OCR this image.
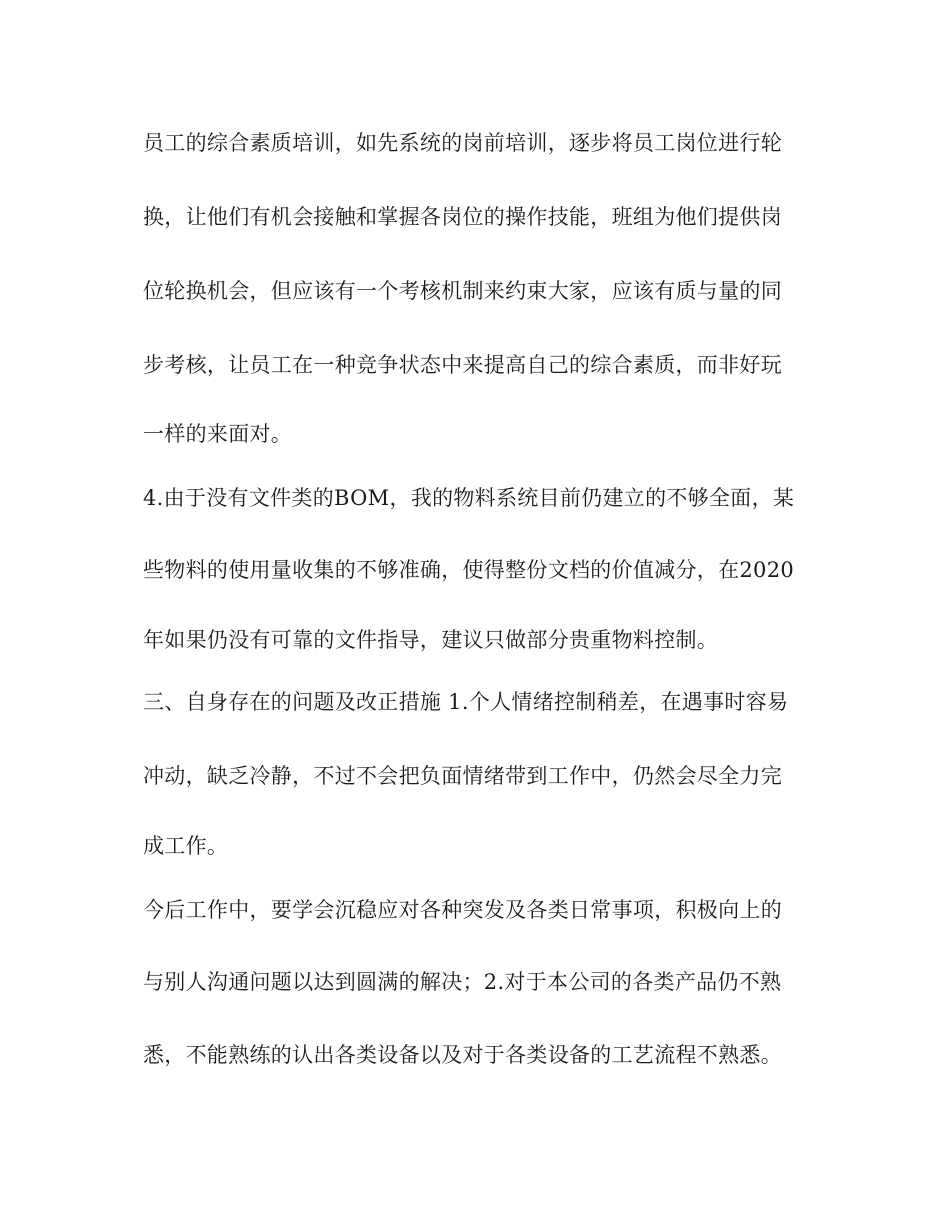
员工的综合素质培训，如先系统的岗前培训，逐步将员工岗位进行轮
换，让他们有机会接触和掌握各岗位的操作技能，班组为他们提供岗
位轮换机会，但应该有一个考核机制来约束大家，应该有质与量的同
步考核，让员工在一种竞争状态中来提高自己的综合素质，而非好玩
一样的来面对。
4.由于没有文件类的BOM，我的物料系统目前仍建立的不够全面，某
些物料的使用量收集的不够准确，使得整份文档的价值减分，在2020
年如果仍没有可靠的文件指导，建议只做部分贵重物料控制。
三、自身存在的问题及改正措施 1.个人情绪控制稍差，在遇事时容易
冲动，缺乏冷静，不过不会把负面情绪带到工作中，仍然会尽全力完
成工作。
今后工作中，要学会沉稳应对各种突发及各类日常事项，积极向上的
与别人沟通问题以达到圆满的解决；2.对于本公司的各类产品仍不熟
悉，不能熟练的认出各类设备以及对于各类设备的工艺流程不熟悉。
